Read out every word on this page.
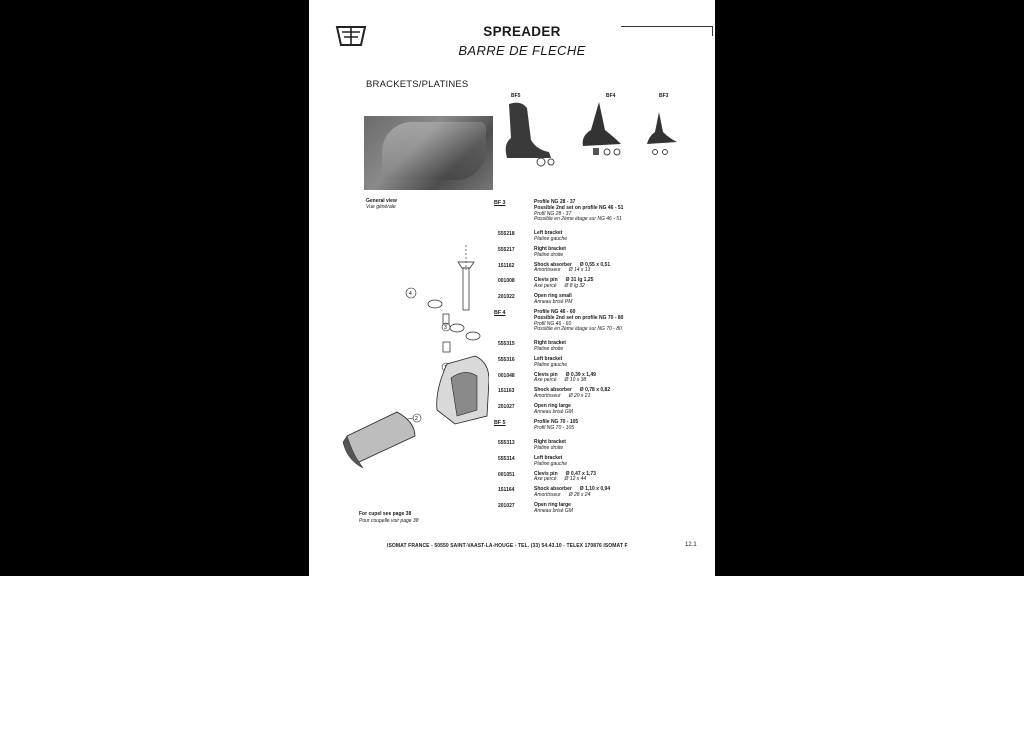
SPREADER
BARRE DE FLECHE
BRACKETS/PLATINES
BF5	BF4	BF3
General view
Vue générale
4
3
2
BF 3	Profile NG 28 - 37
Possible 2nd set on profile NG 46 - 51
Profil NG 28 - 37
Possible en 2ème étage sur NG 46 - 51
555218	Left bracket
Platine gauche
555217	Right bracket
Platine droite
151162	Shock absorber Ø 0,55 x 0,51
Amortisseur Ø 14 x 13
001008	Clevis pin Ø 31 lg 1,25
Axe percé Ø 8 lg 32
201022	Open ring small
Anneau brisé PM
BF 4	Profile NG 46 - 60
Possible 2nd set on profile NG 70 - 80
Profil NG 46 - 60
Possible en 2ème étage sur NG 70 - 80
555315	Right bracket
Platine droite
555316	Left bracket
Platine gauche
001048	Clevis pin Ø 0,39 x 1,49
Axe percé Ø 10 x 38
151163	Shock absorber Ø 0,78 x 0,82
Amortisseur Ø 20 x 21
201027	Open ring large
Anneau brisé GM
BF 5	Profile NG 70 - 105
Profil NG 70 - 105
555313	Right bracket
Platine droite
555314	Left bracket
Platine gauche
001051	Clevis pin Ø 0,47 x 1,73
Axe percé Ø 12 x 44
151164	Shock absorber Ø 1,10 x 0,94
Amortisseur Ø 28 x 24
201027	Open ring large
Anneau brisé GM
For cupel see page 38
Pour coupelle voir page 38
ISOMAT FRANCE - 50550 SAINT-VAAST-LA-HOUGE - TEL. (33) 54.43.10 - TELEX 170876 ISOMAT F	12.1
